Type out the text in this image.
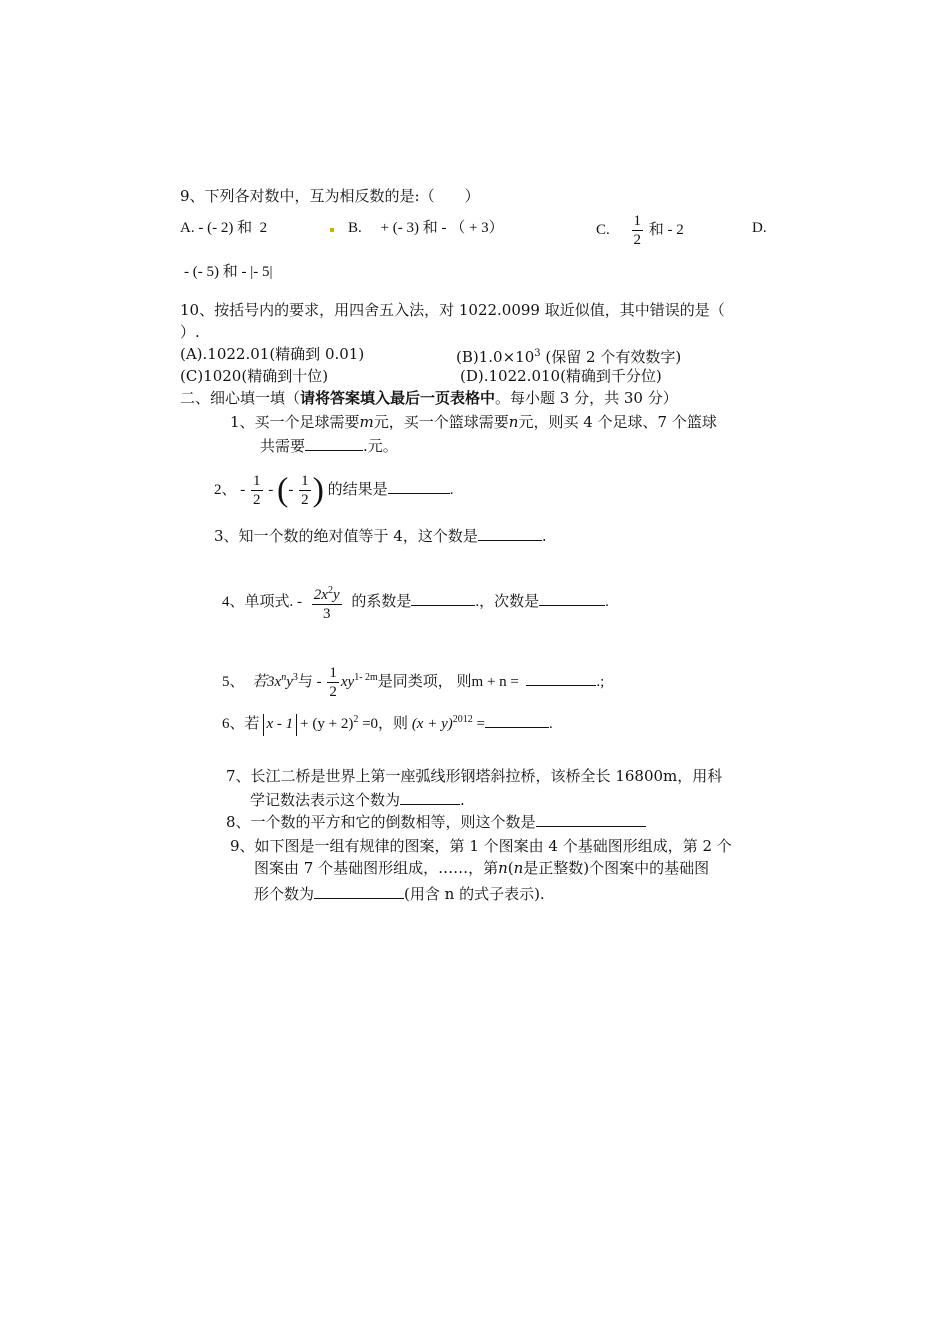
9、下列各对数中，互为相反数的是:（　　）
A. - (- 2) 和 2	B. + (- 3) 和 - （ + 3）	C. $\frac{1}{2}$ 和 - 2	D.
- (- 5) 和 - |- 5|
10、按括号内的要求，用四舍五入法，对 1022.0099 取近似值，其中错误的是（
）.
(A).1022.01(精确到 0.01)	$(B)1.0\times 10^3$ (保留 2 个有效数字)
(C)1020(精确到十位)	(D).1022.010(精确到千分位)
二、细心填一填（请将答案填入最后一页表格中。每小题 3 分，共 30 分）
1、买一个足球需要m元，买一个篮球需要n元，则买 4 个足球、7 个篮球
共需要	.元。
2、 - $\frac{1}{2}$ - (- $\frac{1}{2}$ ) 的结果是	.
3、知一个数的绝对值等于 4，这个数是	.
4、单项式. - $\frac{2x^2y}{3}$ 的系数是	.，次数是	.
5、 若$3x^ny^3$与 - $\frac{1}{2} xy^{1- 2m}$是同类项， 则m + n =	.;
6、若 $x - 1 + (y + 2)^2 =0$，则 $(x + y)^{2012}$ =	.
7、长江二桥是世界上第一座弧线形钢塔斜拉桥，该桥全长 16800m，用科
学记数法表示这个数为	.
8、一个数的平方和它的倒数相等，则这个数是
9、如下图是一组有规律的图案，第 1 个图案由 4 个基础图形组成，第 2 个
图案由 7 个基础图形组成，……，第n(n是正整数)个图案中的基础图
形个数为	(用含 n 的式子表示).
